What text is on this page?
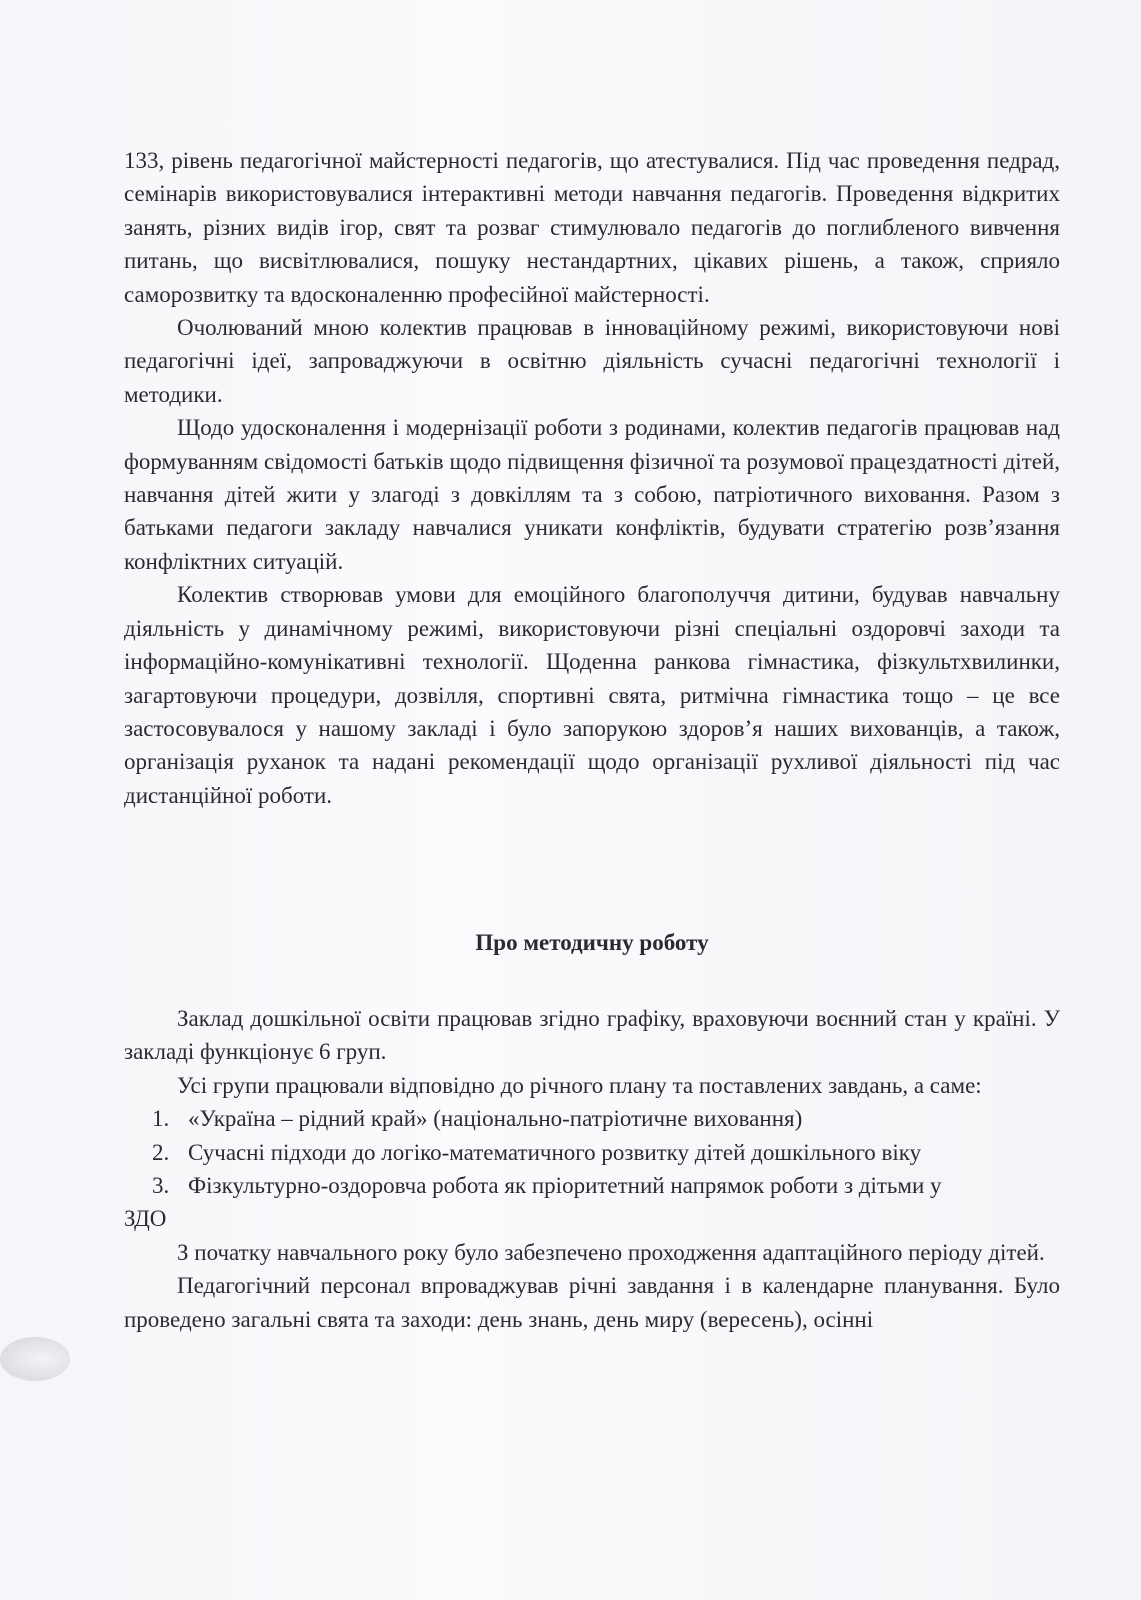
133, рівень педагогічної майстерності педагогів, що атестувалися. Під час проведення педрад, семінарів використовувалися інтерактивні методи навчання педагогів. Проведення відкритих занять, різних видів ігор, свят та розваг стимулювало педагогів до поглибленого вивчення питань, що висвітлювалися, пошуку нестандартних, цікавих рішень, а також, сприяло саморозвитку та вдосконаленню професійної майстерності.

Очолюваний мною колектив працював в інноваційному режимі, використовуючи нові педагогічні ідеї, запроваджуючи в освітню діяльність сучасні педагогічні технології і методики.

Щодо удосконалення і модернізації роботи з родинами, колектив педагогів працював над формуванням свідомості батьків щодо підвищення фізичної та розумової працездатності дітей, навчання дітей жити у злагоді з довкіллям та з собою, патріотичного виховання. Разом з батьками педагоги закладу навчалися уникати конфліктів, будувати стратегію розв’язання конфліктних ситуацій.

Колектив створював умови для емоційного благополуччя дитини, будував навчальну діяльність у динамічному режимі, використовуючи різні спеціальні оздоровчі заходи та інформаційно-комунікативні технології. Щоденна ранкова гімнастика, фізкультхвилинки, загартовуючи процедури, дозвілля, спортивні свята, ритмічна гімнастика тощо – це все застосовувалося у нашому закладі і було запорукою здоров’я наших вихованців, а також, організація руханок та надані рекомендації щодо організації рухливої діяльності під час дистанційної роботи.

Про методичну роботу

Заклад дошкільної освіти працював згідно графіку, враховуючи воєнний стан у країні. У закладі функціонує 6 груп.

Усі групи працювали відповідно до річного плану та поставлених завдань, а саме:

1. «Україна – рідний край» (національно-патріотичне виховання)
2. Сучасні підходи до логіко-математичного розвитку дітей дошкільного віку
3. Фізкультурно-оздоровча робота як пріоритетний напрямок роботи з дітьми у

ЗДО

З початку навчального року було забезпечено проходження адаптаційного періоду дітей.

Педагогічний персонал впроваджував річні завдання і в календарне планування. Було проведено загальні свята та заходи: день знань, день миру (вересень), осінні
